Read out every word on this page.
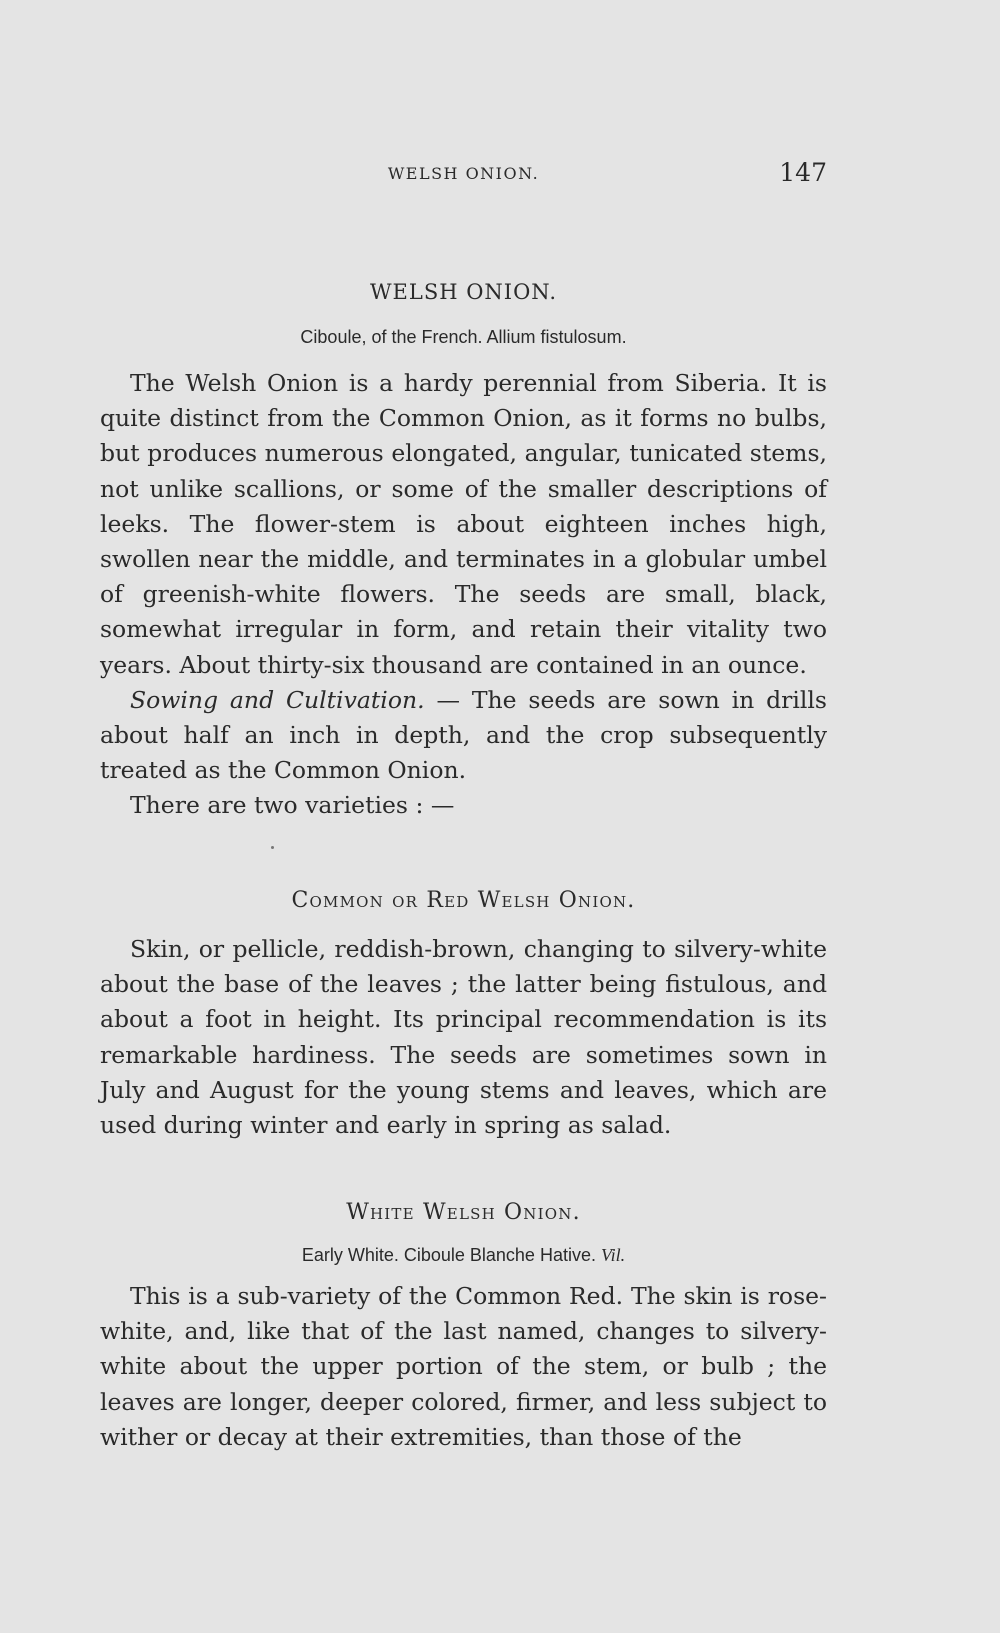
WELSH ONION.	147
WELSH ONION.
Ciboule, of the French. Allium fistulosum.

The Welsh Onion is a hardy perennial from Siberia. It is quite distinct from the Common Onion, as it forms no bulbs, but produces numerous elongated, angular, tunicated stems, not unlike scallions, or some of the smaller descriptions of leeks. The flower-stem is about eighteen inches high, swollen near the middle, and terminates in a globular umbel of greenish-white flowers. The seeds are small, black, somewhat irregular in form, and retain their vitality two years. About thirty-six thousand are contained in an ounce.

Sowing and Cultivation. — The seeds are sown in drills about half an inch in depth, and the crop subsequently treated as the Common Onion.

There are two varieties : —

Common or Red Welsh Onion.

Skin, or pellicle, reddish-brown, changing to silvery-white about the base of the leaves ; the latter being fistulous, and about a foot in height. Its principal recommendation is its remarkable hardiness. The seeds are sometimes sown in July and August for the young stems and leaves, which are used during winter and early in spring as salad.

White Welsh Onion.
Early White. Ciboule Blanche Hative. Vil.

This is a sub-variety of the Common Red. The skin is rose-white, and, like that of the last named, changes to silvery-white about the upper portion of the stem, or bulb ; the leaves are longer, deeper colored, firmer, and less subject to wither or decay at their extremities, than those of the
